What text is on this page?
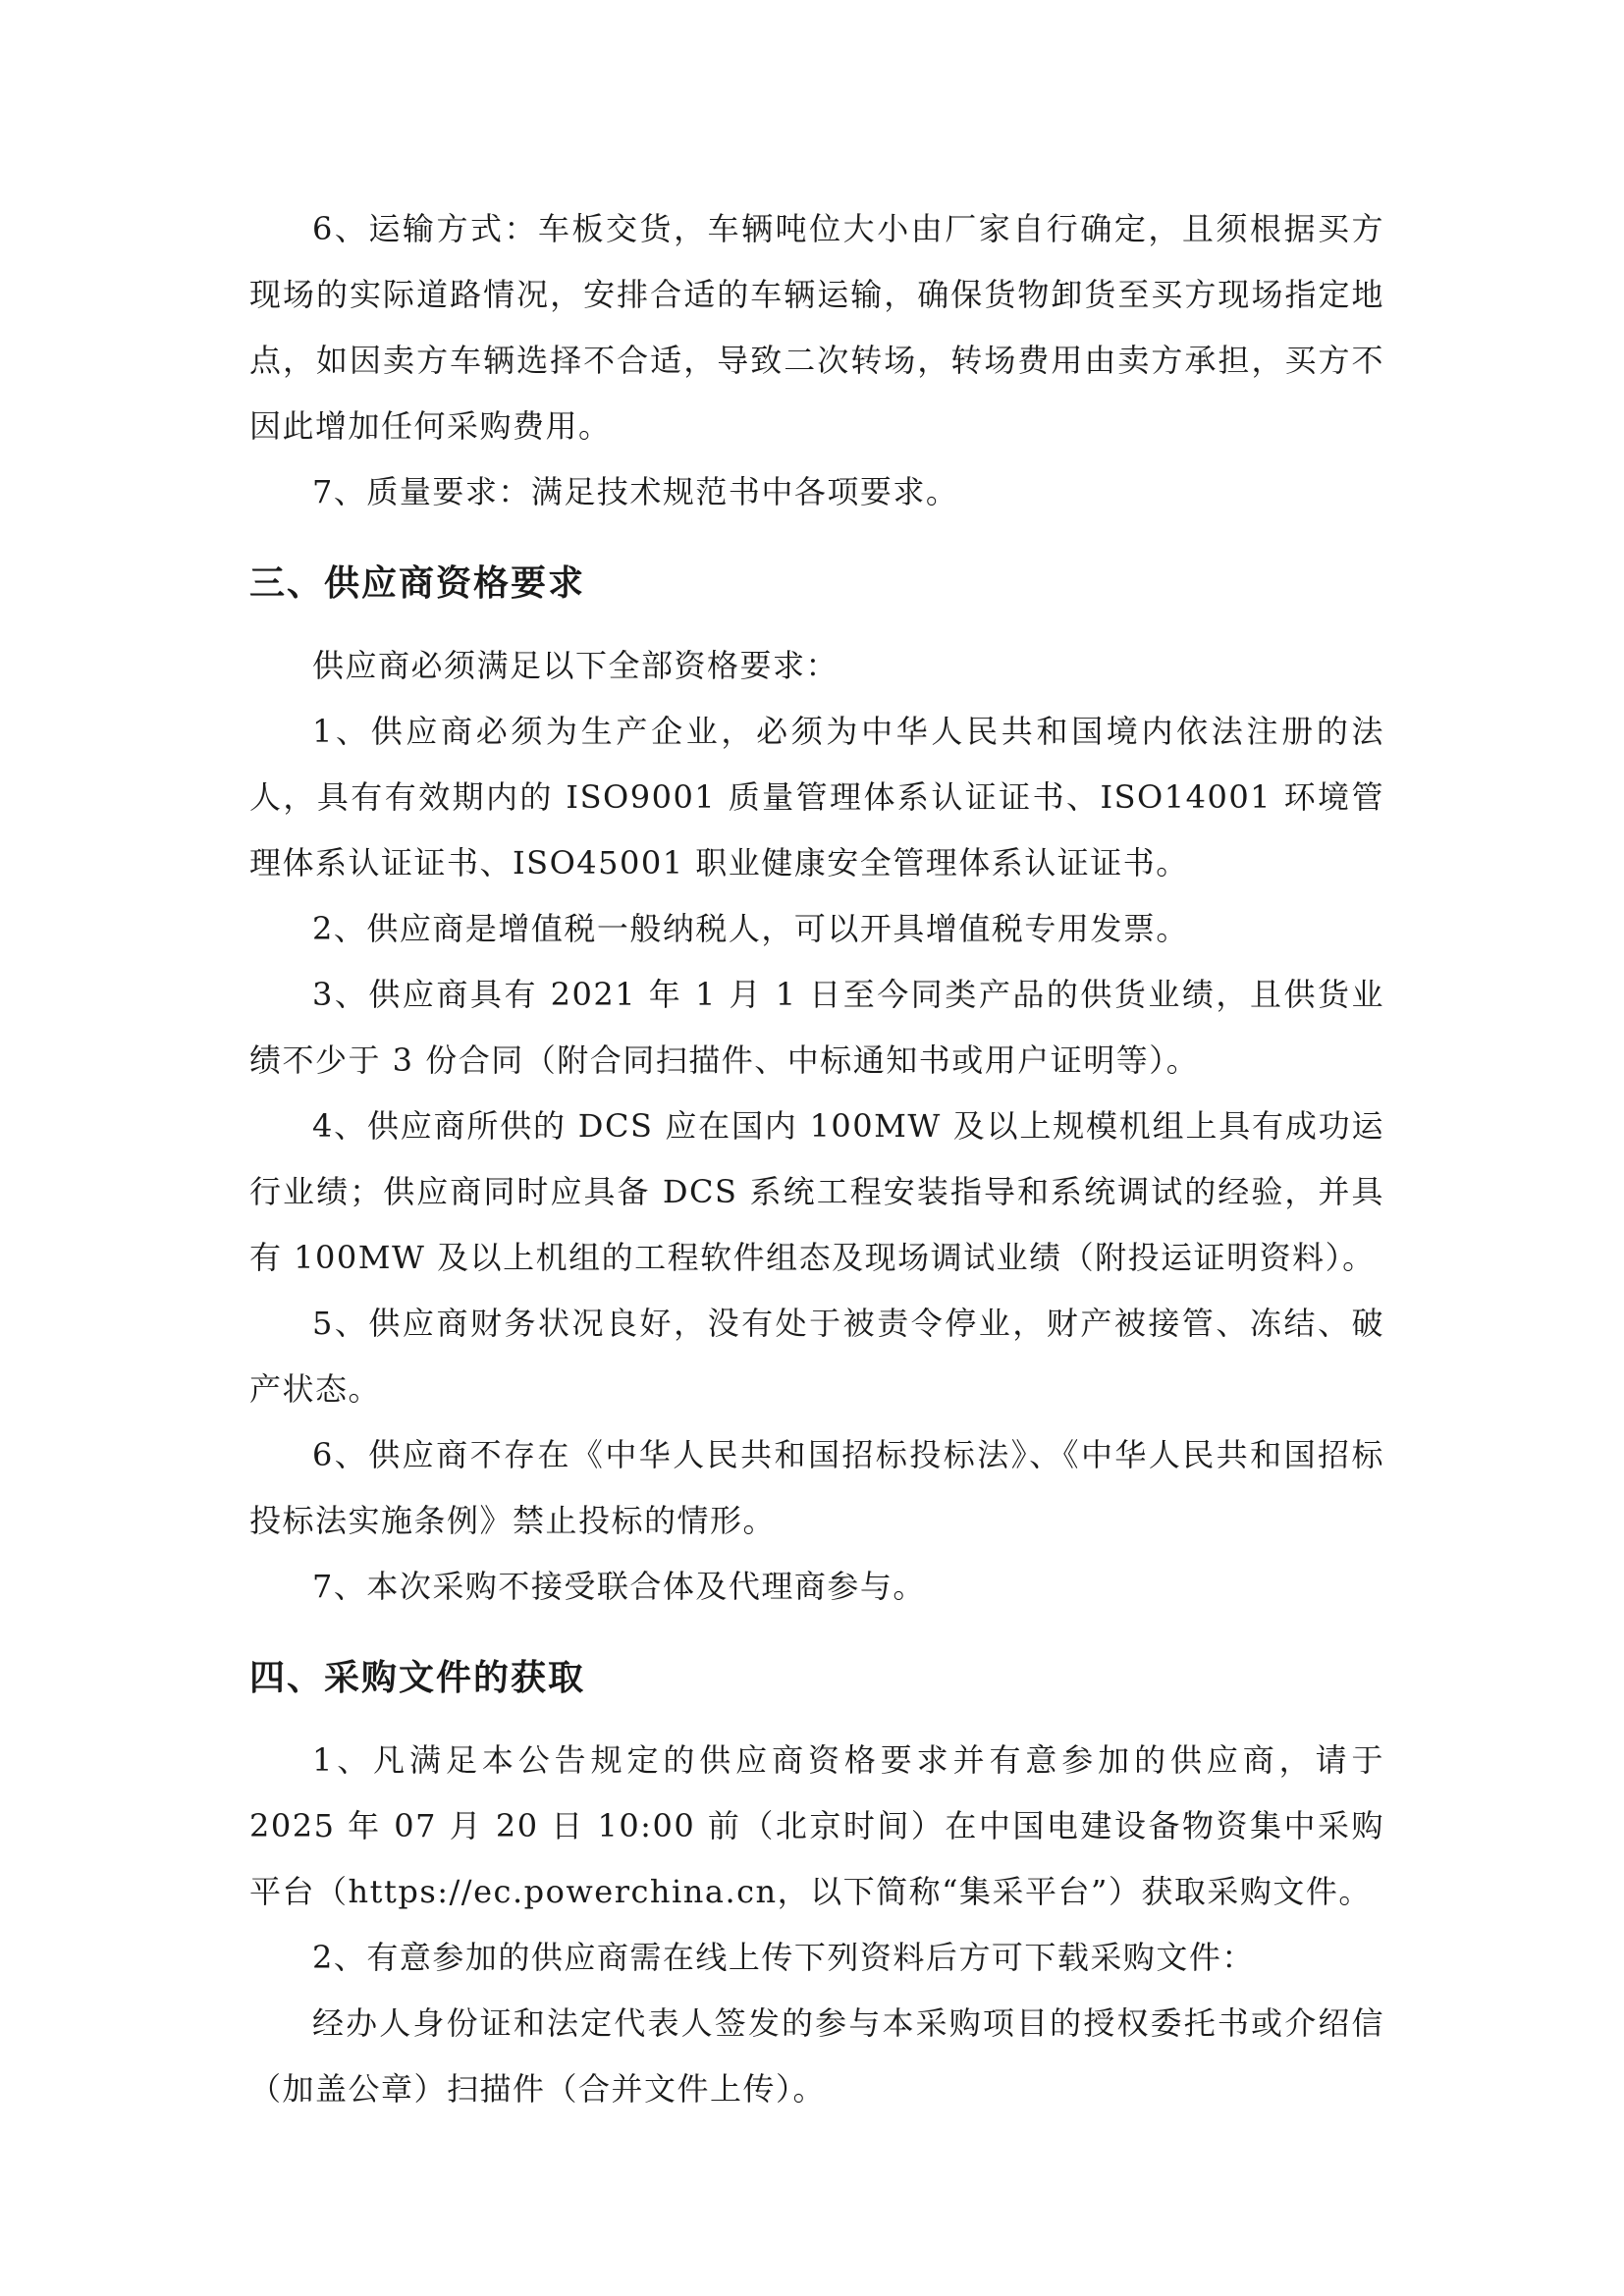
6、运输方式：车板交货，车辆吨位大小由厂家自行确定，且须根据买方现场的实际道路情况，安排合适的车辆运输，确保货物卸货至买方现场指定地点，如因卖方车辆选择不合适，导致二次转场，转场费用由卖方承担，买方不因此增加任何采购费用。

7、质量要求：满足技术规范书中各项要求。

三、供应商资格要求

供应商必须满足以下全部资格要求：

1、供应商必须为生产企业，必须为中华人民共和国境内依法注册的法人，具有有效期内的 ISO9001 质量管理体系认证证书、ISO14001 环境管理体系认证证书、ISO45001 职业健康安全管理体系认证证书。

2、供应商是增值税一般纳税人，可以开具增值税专用发票。

3、供应商具有 2021 年 1 月 1 日至今同类产品的供货业绩，且供货业绩不少于 3 份合同（附合同扫描件、中标通知书或用户证明等）。

4、供应商所供的 DCS 应在国内 100MW 及以上规模机组上具有成功运行业绩；供应商同时应具备 DCS 系统工程安装指导和系统调试的经验，并具有 100MW 及以上机组的工程软件组态及现场调试业绩（附投运证明资料）。

5、供应商财务状况良好，没有处于被责令停业，财产被接管、冻结、破产状态。

6、供应商不存在《中华人民共和国招标投标法》、《中华人民共和国招标投标法实施条例》禁止投标的情形。

7、本次采购不接受联合体及代理商参与。

四、采购文件的获取

1、凡满足本公告规定的供应商资格要求并有意参加的供应商，请于 2025 年 07 月 20 日 10:00 前（北京时间）在中国电建设备物资集中采购平台（https://ec.powerchina.cn，以下简称“集采平台”）获取采购文件。

2、有意参加的供应商需在线上传下列资料后方可下载采购文件：

经办人身份证和法定代表人签发的参与本采购项目的授权委托书或介绍信（加盖公章）扫描件（合并文件上传）。
